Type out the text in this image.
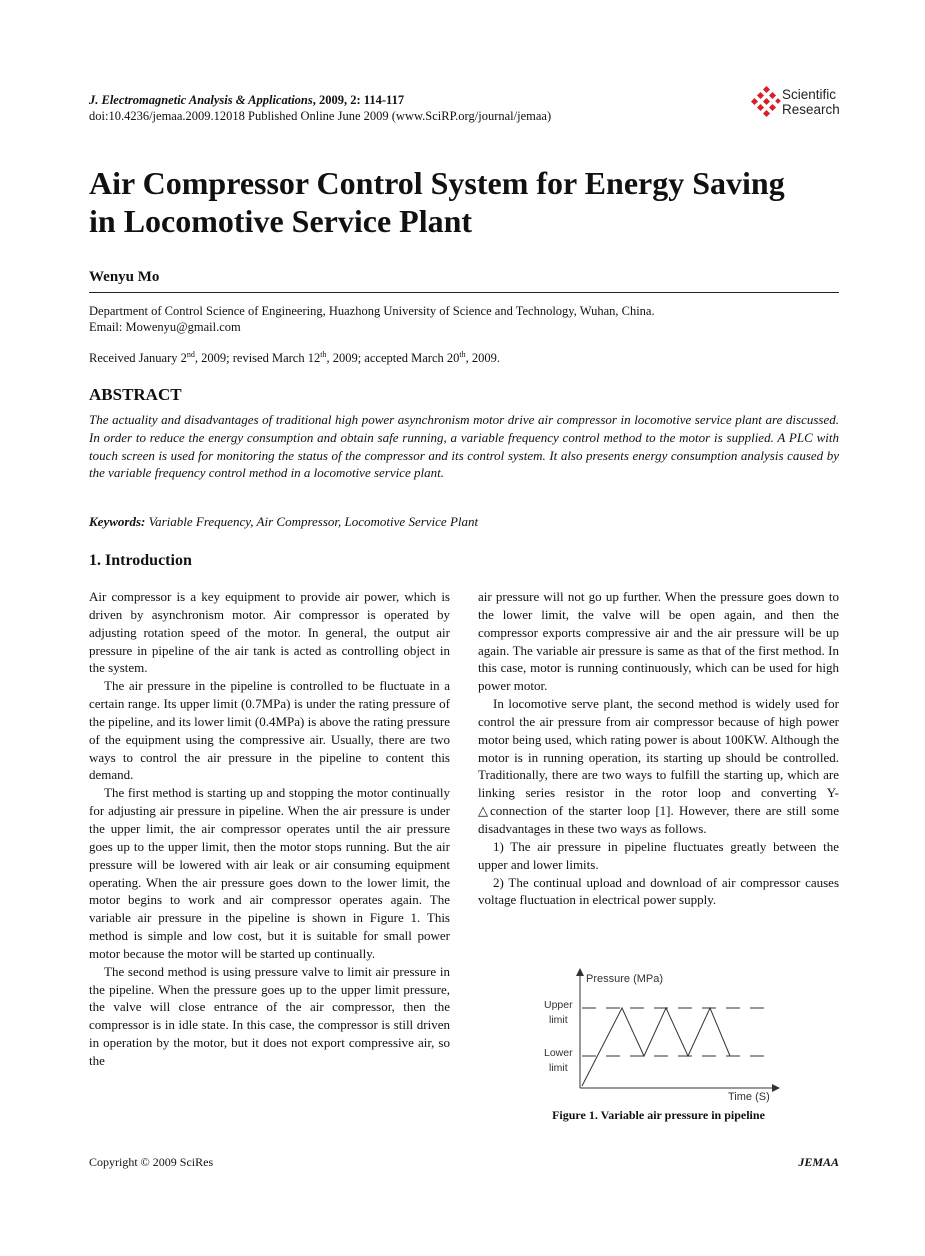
J. Electromagnetic Analysis & Applications, 2009, 2: 114-117
doi:10.4236/jemaa.2009.12018 Published Online June 2009 (www.SciRP.org/journal/jemaa)
Scientific
Research
Air Compressor Control System for Energy Saving
in Locomotive Service Plant
Wenyu Mo
Department of Control Science of Engineering, Huazhong University of Science and Technology, Wuhan, China.
Email: Mowenyu@gmail.com
Received January 2nd, 2009; revised March 12th, 2009; accepted March 20th, 2009.
ABSTRACT
The actuality and disadvantages of traditional high power asynchronism motor drive air compressor in locomotive service plant are discussed. In order to reduce the energy consumption and obtain safe running, a variable frequency control method to the motor is supplied. A PLC with touch screen is used for monitoring the status of the compressor and its control system. It also presents energy consumption analysis caused by the variable frequency control method in a locomotive service plant.
Keywords: Variable Frequency, Air Compressor, Locomotive Service Plant
1. Introduction

Air compressor is a key equipment to provide air power, which is driven by asynchronism motor. Air compressor is operated by adjusting rotation speed of the motor. In general, the output air pressure in pipeline of the air tank is acted as controlling object in the system.

The air pressure in the pipeline is controlled to be fluctuate in a certain range. Its upper limit (0.7MPa) is under the rating pressure of the pipeline, and its lower limit (0.4MPa) is above the rating pressure of the equipment using the compressive air. Usually, there are two ways to control the air pressure in the pipeline to content this demand.

The first method is starting up and stopping the motor continually for adjusting air pressure in pipeline. When the air pressure is under the upper limit, the air compressor operates until the air pressure goes up to the upper limit, then the motor stops running. But the air pressure will be lowered with air leak or air consuming equipment operating. When the air pressure goes down to the lower limit, the motor begins to work and air compressor operates again. The variable air pressure in the pipeline is shown in Figure 1. This method is simple and low cost, but it is suitable for small power motor because the motor will be started up continually.

The second method is using pressure valve to limit air pressure in the pipeline. When the pressure goes up to the upper limit pressure, the valve will close entrance of the air compressor, then the compressor is in idle state. In this case, the compressor is still driven in operation by the motor, but it does not export compressive air, so the

air pressure will not go up further. When the pressure goes down to the lower limit, the valve will be open again, and then the compressor exports compressive air and the air pressure will be up again. The variable air pressure is same as that of the first method. In this case, motor is running continuously, which can be used for high power motor.

In locomotive serve plant, the second method is widely used for control the air pressure from air compressor because of high power motor being used, which rating power is about 100KW. Although the motor is in running operation, its starting up should be controlled. Traditionally, there are two ways to fulfill the starting up, which are linking series resistor in the rotor loop and converting Y-△connection of the starter loop [1]. However, there are still some disadvantages in these two ways as follows.

1) The air pressure in pipeline fluctuates greatly between the upper and lower limits.

2) The continual upload and download of air compressor causes voltage fluctuation in electrical power supply.

Pressure (MPa)
Time (S)
Upper
limit
Lower
limit
Figure 1. Variable air pressure in pipeline
Copyright © 2009 SciRes	JEMAA
